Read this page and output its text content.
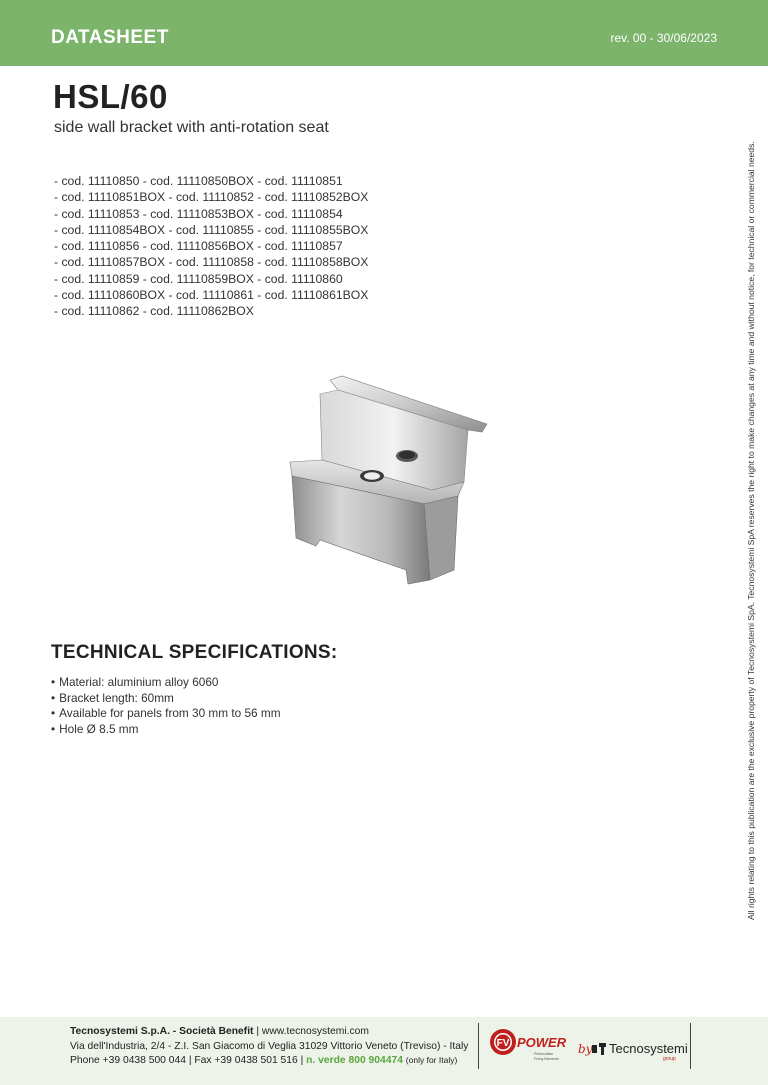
DATASHEET	rev. 00 - 30/06/2023
HSL/60
side wall bracket with anti-rotation seat
- cod. 11110850 - cod. 11110850BOX - cod. 11110851
- cod. 11110851BOX - cod. 11110852 - cod. 11110852BOX
- cod. 11110853 - cod. 11110853BOX - cod. 11110854
- cod. 11110854BOX - cod. 11110855 - cod. 11110855BOX
- cod. 11110856 - cod. 11110856BOX - cod. 11110857
- cod. 11110857BOX - cod. 11110858 - cod. 11110858BOX
- cod. 11110859 - cod. 11110859BOX - cod. 11110860
- cod. 11110860BOX - cod. 11110861 - cod. 11110861BOX
- cod. 11110862 - cod. 11110862BOX	All rights relating to this publication are the exclusive property of Tecnosystemi SpA. Tecnosystemi SpA reserves the right to make changes at any time and without notice, for technical or commercial needs.
TECHNICAL SPECIFICATIONS:
• Material: aluminium alloy 6060
• Bracket length: 60mm
• Available for panels from 30 mm to 56 mm
• Hole Ø 8.5 mm
Tecnosystemi S.p.A. - Società Benefit | www.tecnosystemi.com
Via dell'Industria, 2/4 - Z.I. San Giacomo di Veglia 31029 Vittorio Veneto (Treviso) - Italy
Phone +39 0438 500 044 | Fax +39 0438 501 516 | n. verde 800 904474 (only for Italy)
FV POWER
Photovoltaic
Fixing Elements
by Tecnosystemi
group
